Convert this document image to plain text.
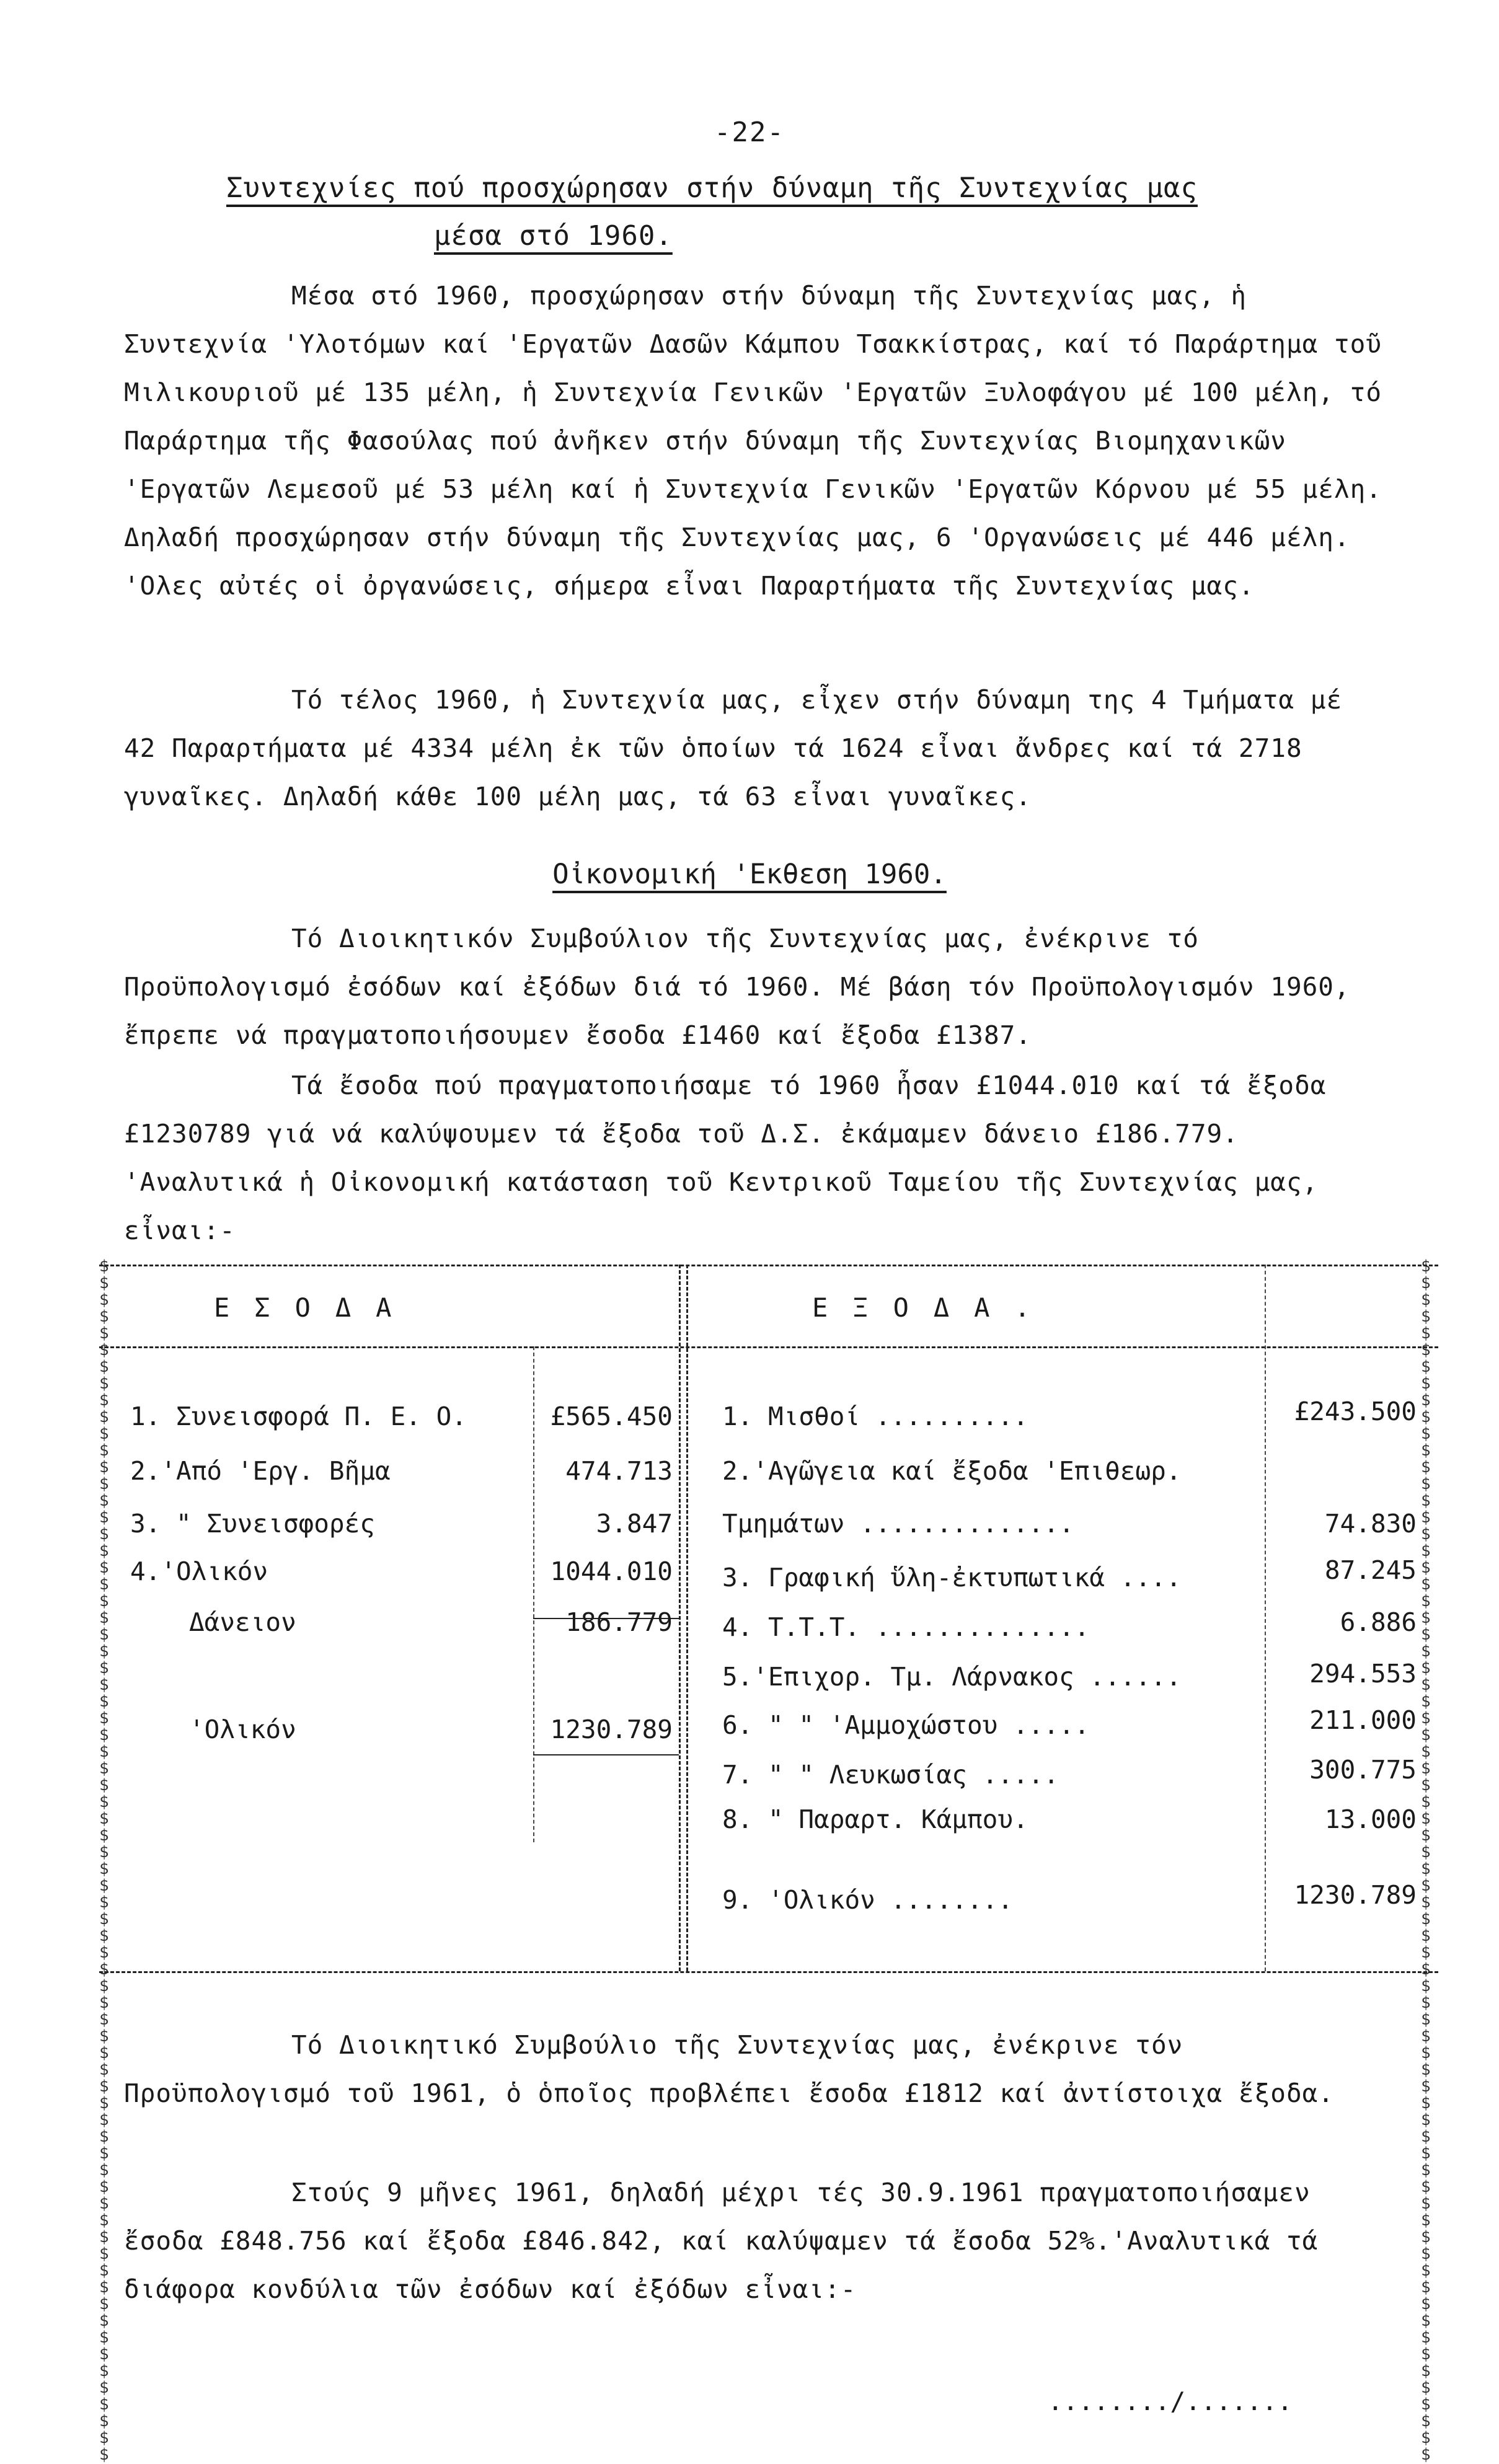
-22-
Συντεχνίες πού προσχώρησαν στήν δύναμη τῆς Συντεχνίας μας
μέσα στό 1960.
Μέσα στό 1960, προσχώρησαν στήν δύναμη τῆς Συντεχνίας μας, ἡ Συντεχνία 'Υλοτόμων καί 'Εργατῶν Δασῶν Κάμπου Τσακκίστρας, καί τό Παράρτημα τοῦ Μιλικουριοῦ μέ 135 μέλη, ἡ Συντεχνία Γενικῶν 'Εργατῶν Ξυλοφάγου μέ 100 μέλη, τό Παράρτημα τῆς Φασούλας πού ἀνῆκεν στήν δύναμη τῆς Συντεχνίας Βιομηχανικῶν 'Εργατῶν Λεμεσοῦ μέ 53 μέλη καί ἡ Συντεχνία Γενικῶν 'Εργατῶν Κόρνου μέ 55 μέλη. Δηλαδή προσχώρησαν στήν δύναμη τῆς Συντεχνίας μας, 6 'Οργανώσεις μέ 446 μέλη. 'Ολες αὐτές οἱ ὀργανώσεις, σήμερα εἶναι Παραρτήματα τῆς Συντεχνίας μας.
Τό τέλος 1960, ἡ Συντεχνία μας, εἶχεν στήν δύναμη της 4 Τμήματα μέ 42 Παραρτήματα μέ 4334 μέλη ἐκ τῶν ὁποίων τά 1624 εἶναι ἄνδρες καί τά 2718 γυναῖκες. Δηλαδή κάθε 100 μέλη μας, τά 63 εἶναι γυναῖκες.
Οἰκονομική 'Εκθεση 1960.
Τό Διοικητικόν Συμβούλιον τῆς Συντεχνίας μας, ἐνέκρινε τό Προϋπολογισμό ἐσόδων καί ἐξόδων διά τό 1960. Μέ βάση τόν Προϋπολογισμόν 1960, ἔπρεπε νά πραγματοποιήσουμεν ἔσοδα £1460 καί ἔξοδα £1387.
Τά ἔσοδα πού πραγματοποιήσαμε τό 1960 ἦσαν £1044.010 καί τά ἔξοδα £1230789 γιά νά καλύψουμεν τά ἔξοδα τοῦ Δ.Σ. ἐκάμαμεν δάνειο £186.779. 'Αναλυτικά ἡ Οἰκονομική κατάσταση τοῦ Κεντρικοῦ Ταμείου τῆς Συντεχνίας μας, εἶναι:-
$
$
$
$
$
$
$
$
$
$
$
$
$
$
$
$
$
$
$
$
$
$
$
$
$
$
$
$
$
$
$
$
$
$
$
$
$
$
$
$
$
$
$
$
$
$
$
$
$
$
$
$
$
$
$
$
$
$
$
$
$
$
$
$
$
$
$
$
$
$
$
$

$
$
$
$
$
$
$
$
$
$
$
$
$
$
$
$
$
$
$
$
$
$
$
$
$
$
$
$
$
$
$
$
$
$
$
$
$
$
$
$
$
$
$
$
$
$
$
$
$
$
$
$
$
$
$
$
$
$
$
$
$
$
$
$
$
$
$
$
$
$
$
$

ΕΣΟΔΑ	ΕΞΟΔΑ.
1. Συνεισφορά Π. Ε. Ο.	£565.450
2.'Από 'Εργ. Βῆμα	474.713
3. " Συνεισφορές	3.847
4.'Ολικόν	1044.010
Δάνειον	186.779
'Ολικόν	1230.789
1. Μισθοί ..........	£243.500
2.'Αγῶγεια καί ἔξοδα 'Επιθεωρ.
Τμημάτων ..............	74.830
3. Γραφική ὕλη-ἐκτυπωτικά ....	87.245
4. Τ.Τ.Τ. ..............	6.886
5.'Επιχορ. Τμ. Λάρνακος ......	294.553
6. " " 'Αμμοχώστου .....	211.000
7. " " Λευκωσίας .....	300.775
8. " Παραρτ. Κάμπου.	13.000
9. 'Ολικόν ........	1230.789
Τό Διοικητικό Συμβούλιο τῆς Συντεχνίας μας, ἐνέκρινε τόν Προϋπολογισμό τοῦ 1961, ὁ ὁποῖος προβλέπει ἔσοδα £1812 καί ἀντίστοιχα ἔξοδα.
Στούς 9 μῆνες 1961, δηλαδή μέχρι τές 30.9.1961 πραγματοποιήσαμεν ἔσοδα £848.756 καί ἔξοδα £846.842, καί καλύψαμεν τά ἔσοδα 52%.'Αναλυτικά τά διάφορα κονδύλια τῶν ἐσόδων καί ἐξόδων εἶναι:-
......../.......
